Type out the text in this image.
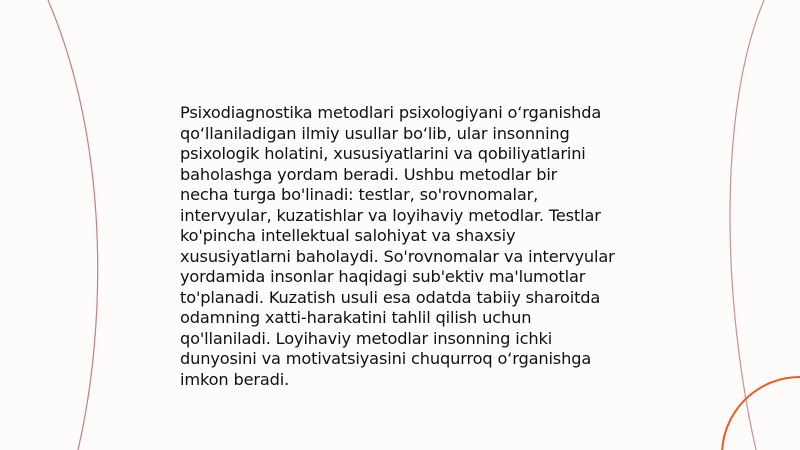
Psixodiagnostika metodlari psixologiyani o‘rganishda
qo‘llaniladigan ilmiy usullar bo‘lib, ular insonning
psixologik holatini, xususiyatlarini va qobiliyatlarini
baholashga yordam beradi. Ushbu metodlar bir
necha turga bo'linadi: testlar, so'rovnomalar,
intervyular, kuzatishlar va loyihaviy metodlar. Testlar
ko'pincha intellektual salohiyat va shaxsiy
xususiyatlarni baholaydi. So'rovnomalar va intervyular
yordamida insonlar haqidagi sub'ektiv ma'lumotlar
to'planadi. Kuzatish usuli esa odatda tabiiy sharoitda
odamning xatti-harakatini tahlil qilish uchun
qo'llaniladi. Loyihaviy metodlar insonning ichki
dunyosini va motivatsiyasini chuqurroq o‘rganishga
imkon beradi.
